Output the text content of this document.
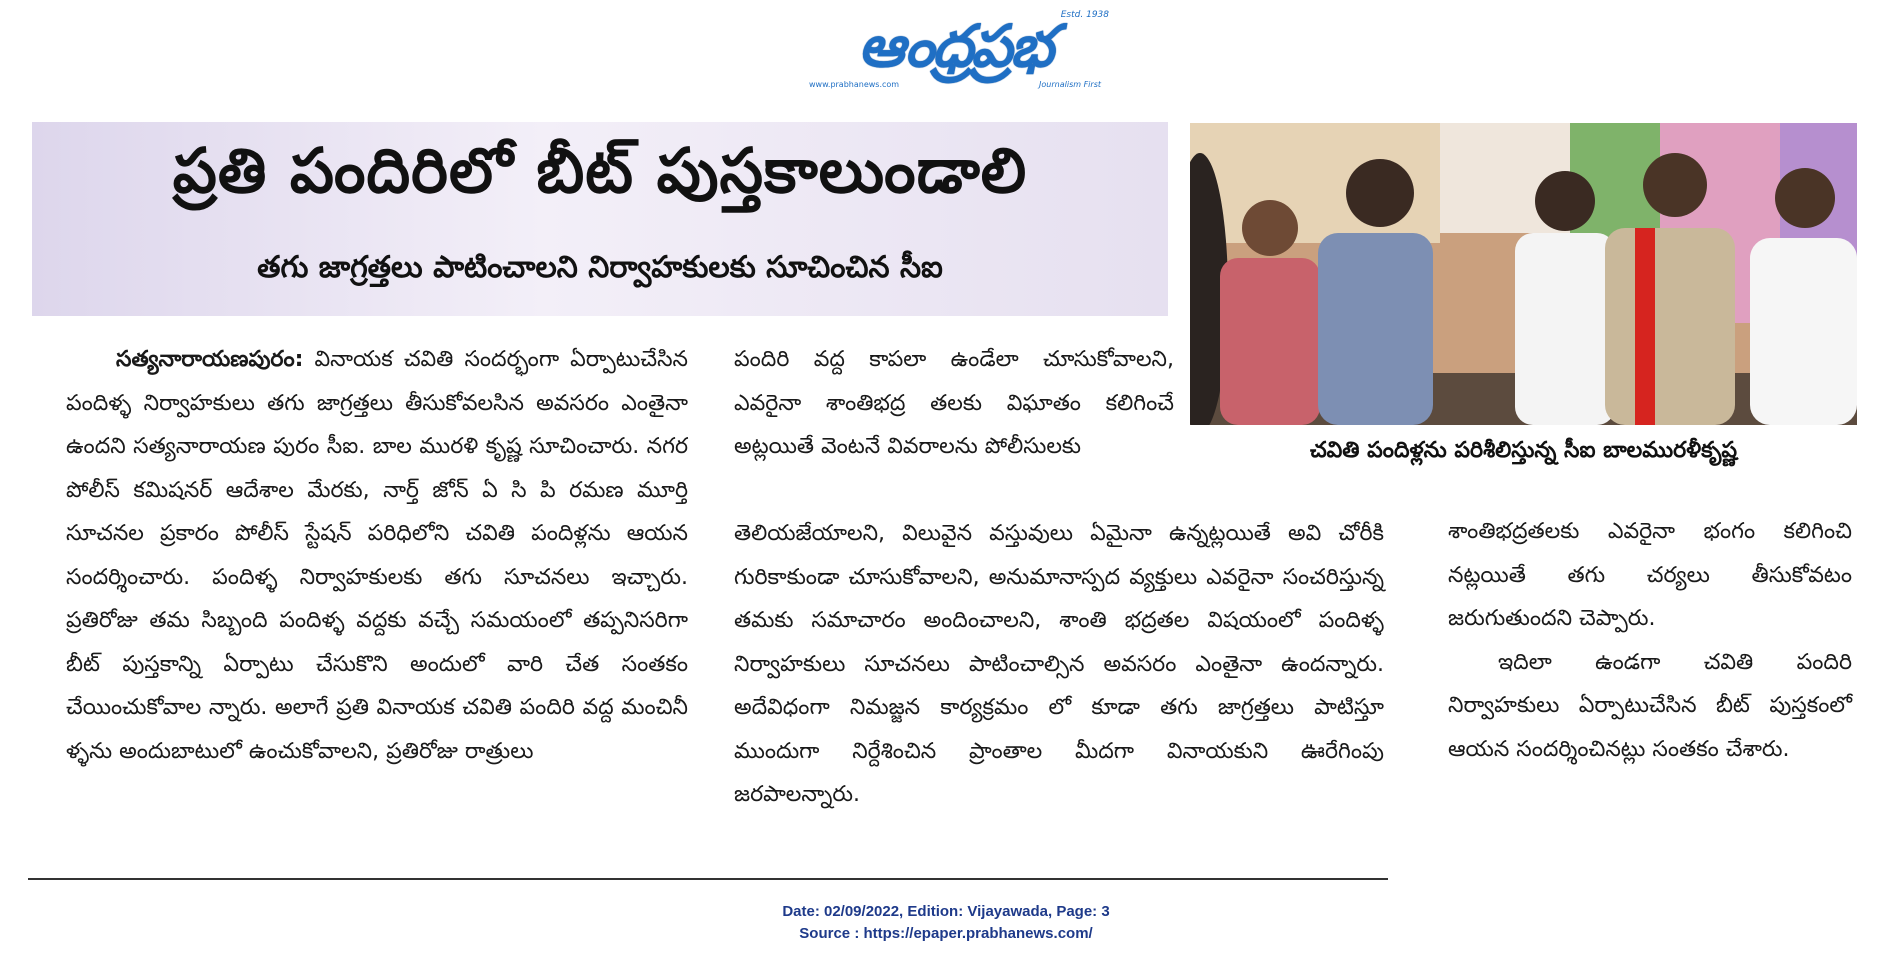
Estd. 1938
ఆంధ్రప్రభ
www.prabhanews.com	Journalism First
ప్రతి పందిరిలో బీట్ పుస్తకాలుండాలి
తగు జాగ్రత్తలు పాటించాలని నిర్వాహకులకు సూచించిన సీఐ
చవితి పందిళ్లను పరిశీలిస్తున్న సీఐ బాలమురళీకృష్ణ

సత్యనారాయణపురం: వినాయక చవితి సందర్భంగా ఏర్పాటుచేసిన పందిళ్ళ నిర్వాహకులు తగు జాగ్రత్తలు తీసుకోవలసిన అవసరం ఎంతైనా ఉందని సత్యనారాయణ పురం సీఐ. బాల మురళి కృష్ణ సూచించారు. నగర పోలీస్ కమిషనర్ ఆదేశాల మేరకు, నార్త్ జోన్ ఏ సి పి రమణ మూర్తి సూచనల ప్రకారం పోలీస్ స్టేషన్ పరిధిలోని చవితి పందిళ్లను ఆయన సందర్శించారు. పందిళ్ళ నిర్వాహకులకు తగు సూచనలు ఇచ్చారు. ప్రతిరోజు తమ సిబ్బంది పందిళ్ళ వద్దకు వచ్చే సమయంలో తప్పనిసరిగా బీట్ పుస్తకాన్ని ఏర్పాటు చేసుకొని అందులో వారి చేత సంతకం చేయించుకోవాల న్నారు. అలాగే ప్రతి వినాయక చవితి పందిరి వద్ద మంచినీ ళ్ళను అందుబాటులో ఉంచుకోవాలని, ప్రతిరోజు రాత్రులు

పందిరి వద్ద కాపలా ఉండేలా చూసుకోవాలని, ఎవరైనా శాంతిభద్ర తలకు విఘాతం కలిగించే అట్లయితే వెంటనే వివరాలను పోలీసులకు

తెలియజేయాలని, విలువైన వస్తువులు ఏమైనా ఉన్నట్లయితే అవి చోరీకి గురికాకుండా చూసుకోవాలని, అనుమానాస్పద వ్యక్తులు ఎవరైనా సంచరిస్తున్న తమకు సమాచారం అందించాలని, శాంతి భద్రతల విషయంలో పందిళ్ళ నిర్వాహకులు సూచనలు పాటించాల్సిన అవసరం ఎంతైనా ఉందన్నారు. అదేవిధంగా నిమజ్జన కార్యక్రమం లో కూడా తగు జాగ్రత్తలు పాటిస్తూ ముందుగా నిర్దేశించిన ప్రాంతాల మీదగా వినాయకుని ఊరేగింపు జరపాలన్నారు.

శాంతిభద్రతలకు ఎవరైనా భంగం కలిగించి నట్లయితే తగు చర్యలు తీసుకోవటం జరుగుతుందని చెప్పారు.

ఇదిలా ఉండగా చవితి పందిరి నిర్వాహకులు ఏర్పాటుచేసిన బీట్ పుస్తకంలో ఆయన సందర్శించినట్లు సంతకం చేశారు.

Date: 02/09/2022, Edition: Vijayawada, Page: 3
Source : https://epaper.prabhanews.com/
